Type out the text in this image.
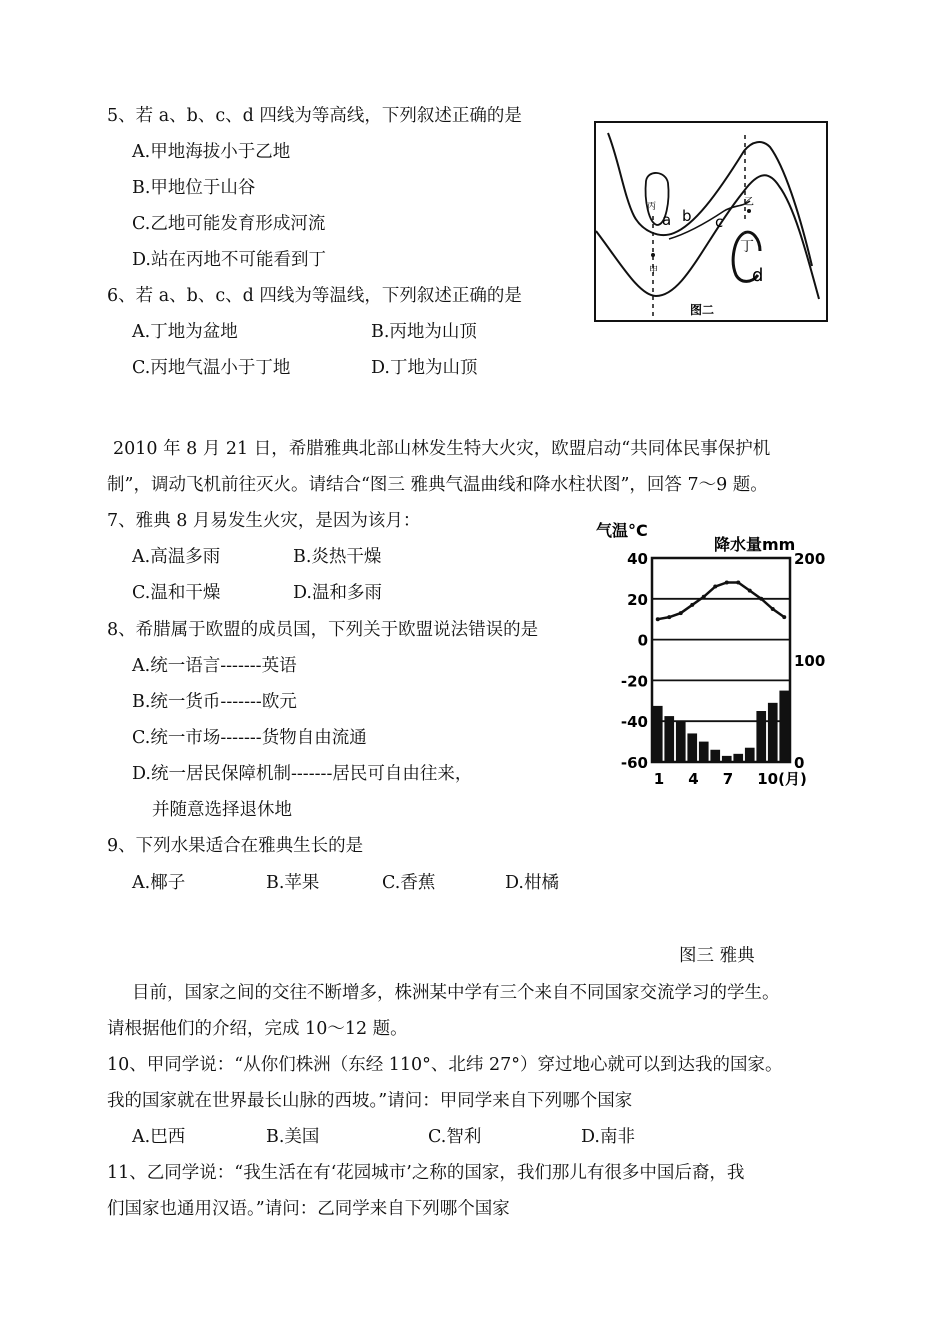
5、若 a、b、c、d 四线为等高线，下列叙述正确的是
A.甲地海拔小于乙地
B.甲地位于山谷
C.乙地可能发育形成河流
D.站在丙地不可能看到丁
6、若 a、b、c、d 四线为等温线，下列叙述正确的是
A.丁地为盆地	B.丙地为山顶
C.丙地气温小于丁地	D.丁地为山顶
丙
甲
乙
丁
a b c
d
图二
2010 年 8 月 21 日，希腊雅典北部山林发生特大火灾，欧盟启动“共同体民事保护机
制”，调动飞机前往灭火。请结合“图三 雅典气温曲线和降水柱状图”，回答 7～9 题。
7、雅典 8 月易发生火灾，是因为该月：
A.高温多雨	B.炎热干燥
C.温和干燥	D.温和多雨
8、希腊属于欧盟的成员国，下列关于欧盟说法错误的是
A.统一语言-------英语
B.统一货币-------欧元
C.统一市场-------货物自由流通
D.统一居民保障机制-------居民可自由往来，
并随意选择退休地
9、下列水果适合在雅典生长的是
A.椰子	B.苹果	C.香蕉	D.柑橘
气温°C
降水量mm
40
20
0
-20
-40
-60
200
100
0
1 4 7 10(月)
图三 雅典
目前，国家之间的交往不断增多，株洲某中学有三个来自不同国家交流学习的学生。
请根据他们的介绍，完成 10～12 题。
10、甲同学说：“从你们株洲（东经 110°、北纬 27°）穿过地心就可以到达我的国家。
我的国家就在世界最长山脉的西坡。”请问：甲同学来自下列哪个国家
A.巴西	B.美国	C.智利	D.南非
11、乙同学说：“我生活在有‘花园城市’之称的国家，我们那儿有很多中国后裔，我
们国家也通用汉语。”请问：乙同学来自下列哪个国家
